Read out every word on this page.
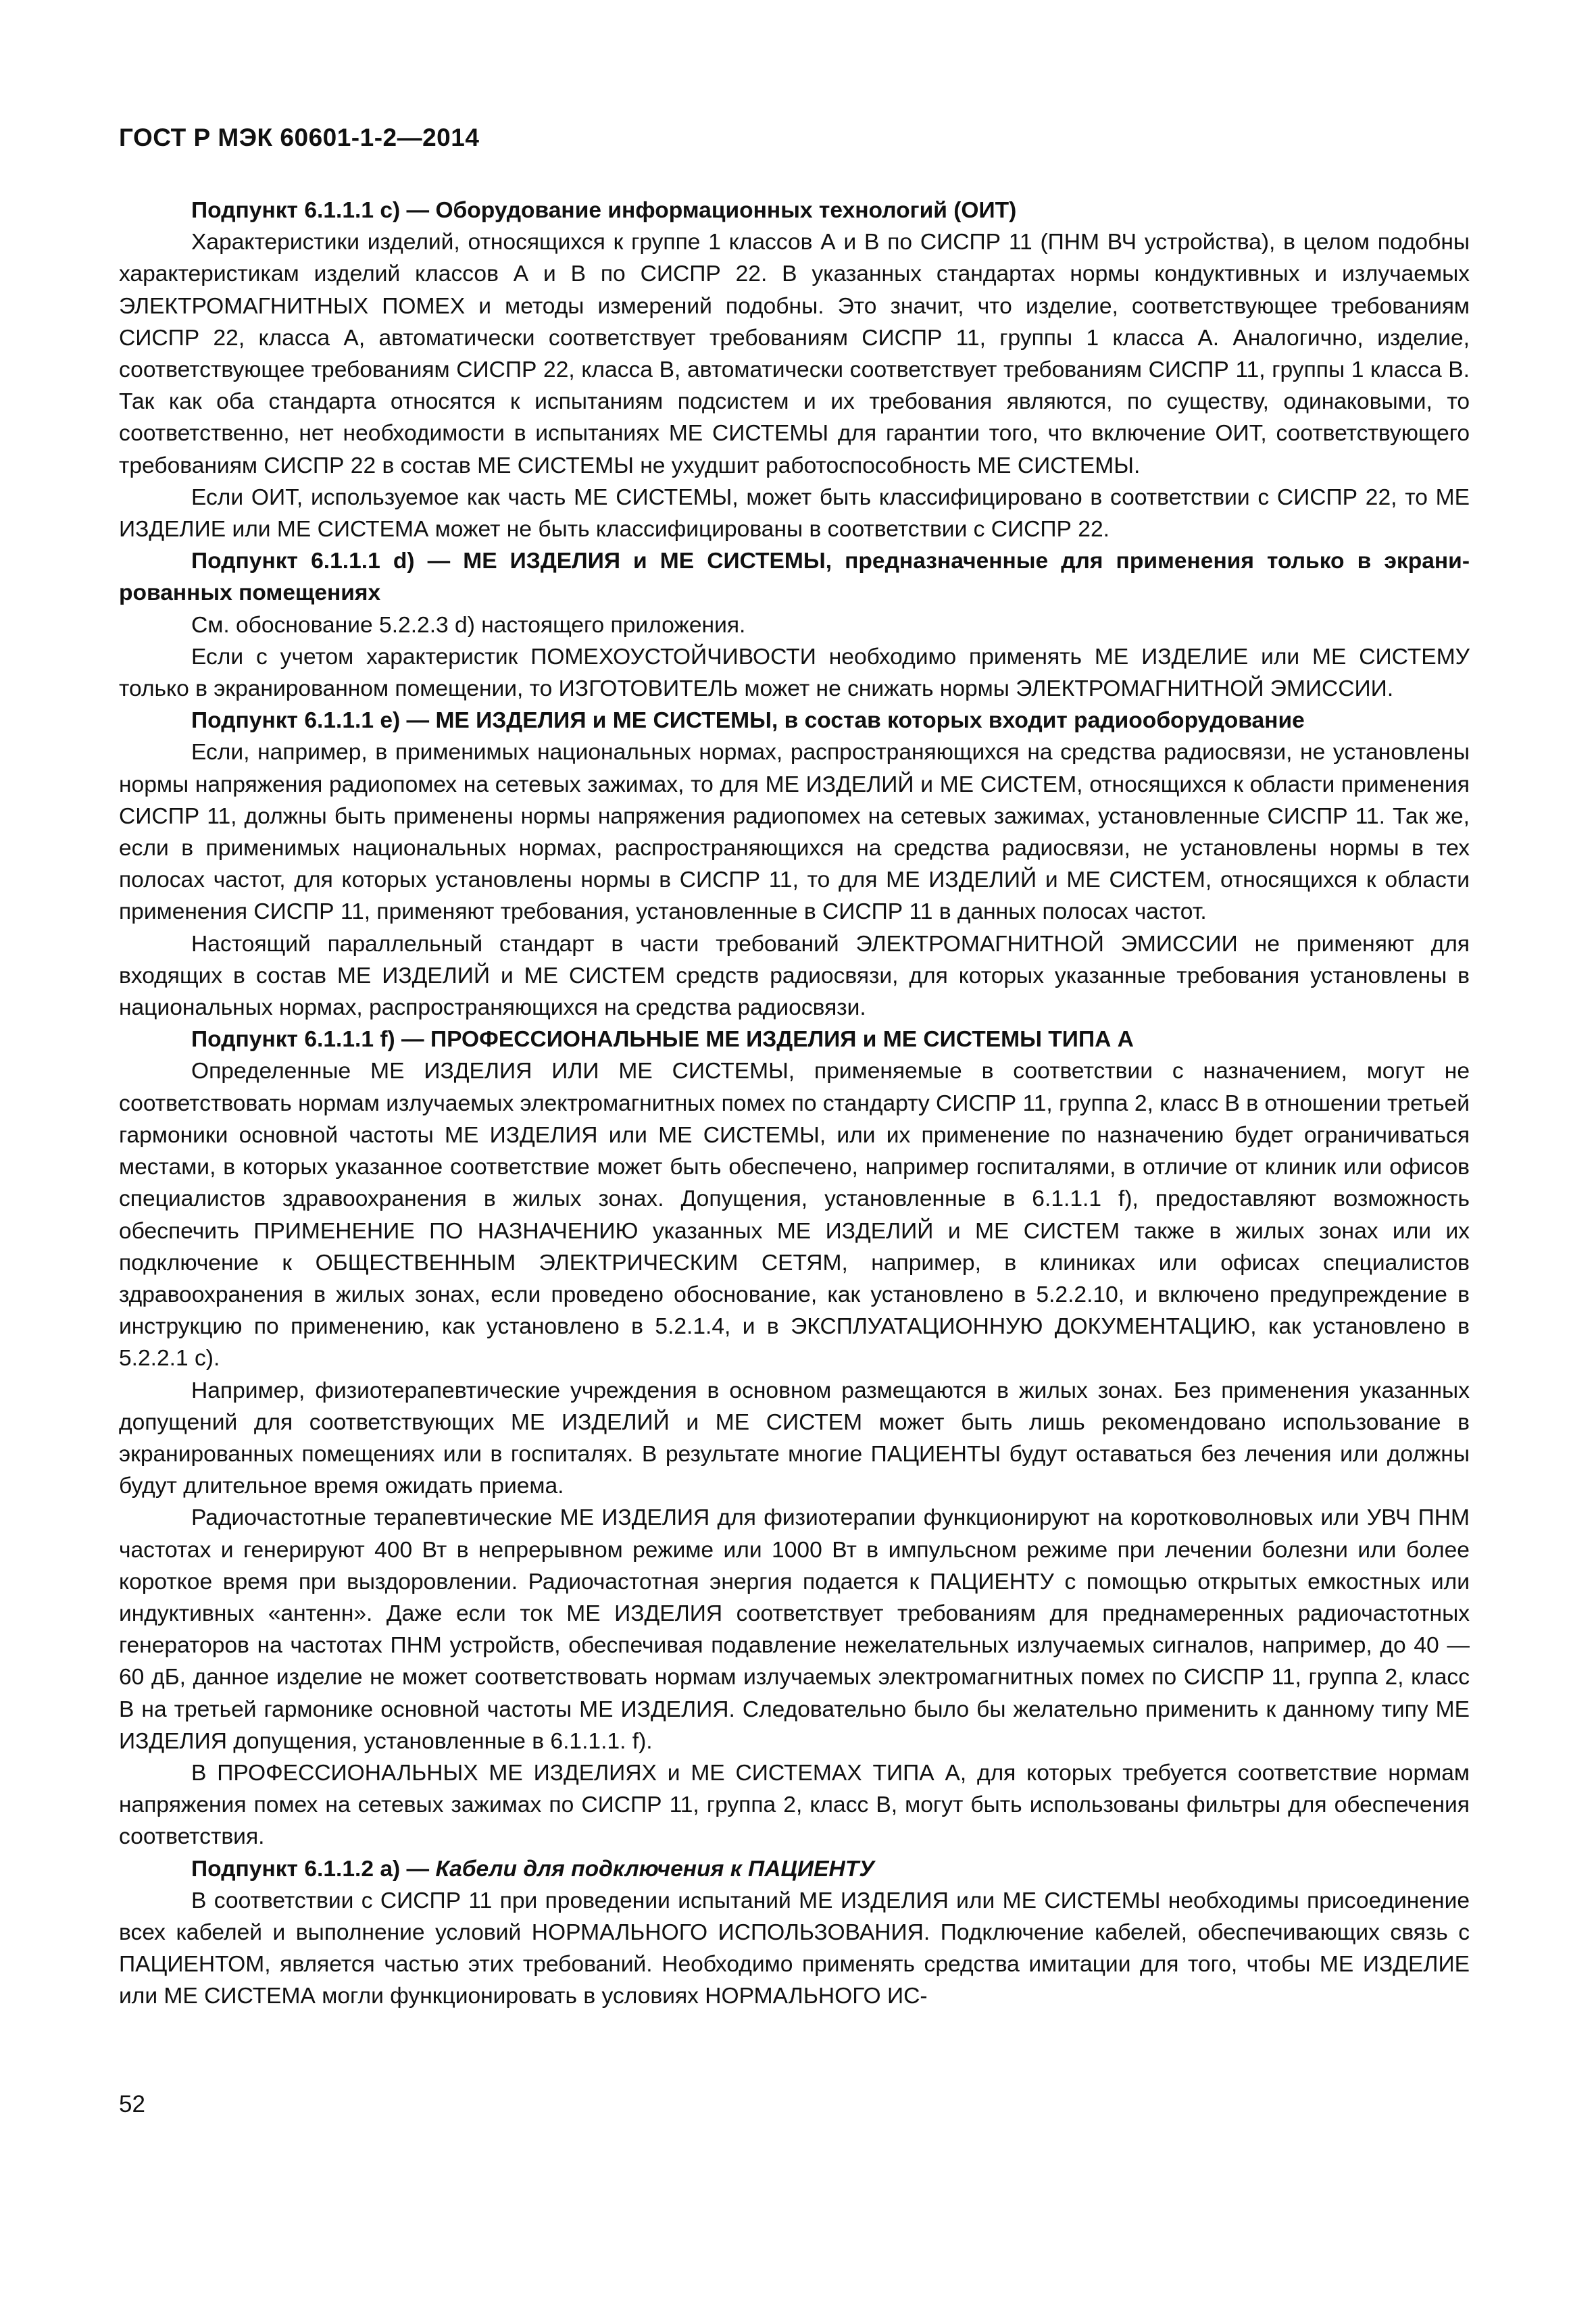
ГОСТ Р МЭК 60601-1-2—2014

Подпункт 6.1.1.1 с) — Оборудование информационных технологий (ОИТ)

Характеристики изделий, относящихся к группе 1 классов А и В по СИСПР 11 (ПНМ ВЧ устройства), в целом подобны характеристикам изделий классов А и В по СИСПР 22. В указанных стандартах нормы кондуктивных и излучаемых ЭЛЕКТРОМАГНИТНЫХ ПОМЕХ и методы измерений подобны. Это значит, что изделие, соответствующее требованиям СИСПР 22, класса А, автоматически соответствует требованиям СИСПР 11, группы 1 класса А. Аналогично, изделие, соответствующее требованиям СИСПР 22, класса В, автоматически соответствует требованиям СИСПР 11, группы 1 класса В. Так как оба стандарта относятся к испытаниям подсистем и их требования являются, по существу, одинаковыми, то соответственно, нет необходимости в испытаниях МЕ СИСТЕМЫ для гарантии того, что включение ОИТ, соответствующего требованиям СИСПР 22 в состав МЕ СИСТЕМЫ не ухудшит работоспособность МЕ СИСТЕМЫ.

Если ОИТ, используемое как часть МЕ СИСТЕМЫ, может быть классифицировано в соответствии с СИСПР 22, то МЕ ИЗДЕЛИЕ или МЕ СИСТЕМА может не быть классифицированы в соответствии с СИСПР 22.

Подпункт 6.1.1.1 d) — МЕ ИЗДЕЛИЯ и МЕ СИСТЕМЫ, предназначенные для применения только в экранированных помещениях

См. обоснование 5.2.2.3 d) настоящего приложения.

Если с учетом характеристик ПОМЕХОУСТОЙЧИВОСТИ необходимо применять МЕ ИЗДЕЛИЕ или МЕ СИСТЕМУ только в экранированном помещении, то ИЗГОТОВИТЕЛЬ может не снижать нормы ЭЛЕКТРОМАГНИТНОЙ ЭМИССИИ.

Подпункт 6.1.1.1 е) — МЕ ИЗДЕЛИЯ и МЕ СИСТЕМЫ, в состав которых входит радиооборудование

Если, например, в применимых национальных нормах, распространяющихся на средства радиосвязи, не установлены нормы напряжения радиопомех на сетевых зажимах, то для МЕ ИЗДЕЛИЙ и МЕ СИСТЕМ, относящихся к области применения СИСПР 11, должны быть применены нормы напряжения радиопомех на сетевых зажимах, установленные СИСПР 11. Так же, если в применимых национальных нормах, распространяющихся на средства радиосвязи, не установлены нормы в тех полосах частот, для которых установлены нормы в СИСПР 11, то для МЕ ИЗДЕЛИЙ и МЕ СИСТЕМ, относящихся к области применения СИСПР 11, применяют требования, установленные в СИСПР 11 в данных полосах частот.

Настоящий параллельный стандарт в части требований ЭЛЕКТРОМАГНИТНОЙ ЭМИССИИ не применяют для входящих в состав МЕ ИЗДЕЛИЙ и МЕ СИСТЕМ средств радиосвязи, для которых указанные требования установлены в национальных нормах, распространяющихся на средства радиосвязи.

Подпункт 6.1.1.1 f) — ПРОФЕССИОНАЛЬНЫЕ МЕ ИЗДЕЛИЯ и МЕ СИСТЕМЫ ТИПА А

Определенные МЕ ИЗДЕЛИЯ ИЛИ МЕ СИСТЕМЫ, применяемые в соответствии с назначением, могут не соответствовать нормам излучаемых электромагнитных помех по стандарту СИСПР 11, группа 2, класс В в отношении третьей гармоники основной частоты МЕ ИЗДЕЛИЯ или МЕ СИСТЕМЫ, или их применение по назначению будет ограничиваться местами, в которых указанное соответствие может быть обеспечено, например госпиталями, в отличие от клиник или офисов специалистов здравоохранения в жилых зонах. Допущения, установленные в 6.1.1.1 f), предоставляют возможность обеспечить ПРИМЕНЕНИЕ ПО НАЗНАЧЕНИЮ указанных МЕ ИЗДЕЛИЙ и МЕ СИСТЕМ также в жилых зонах или их подключение к ОБЩЕСТВЕННЫМ ЭЛЕКТРИЧЕСКИМ СЕТЯМ, например, в клиниках или офисах специалистов здравоохранения в жилых зонах, если проведено обоснование, как установлено в 5.2.2.10, и включено предупреждение в инструкцию по применению, как установлено в 5.2.1.4, и в ЭКСПЛУАТАЦИОННУЮ ДОКУМЕНТАЦИЮ, как установлено в 5.2.2.1 с).

Например, физиотерапевтические учреждения в основном размещаются в жилых зонах. Без применения указанных допущений для соответствующих МЕ ИЗДЕЛИЙ и МЕ СИСТЕМ может быть лишь рекомендовано использование в экранированных помещениях или в госпиталях. В результате многие ПАЦИЕНТЫ будут оставаться без лечения или должны будут длительное время ожидать приема.

Радиочастотные терапевтические МЕ ИЗДЕЛИЯ для физиотерапии функционируют на коротковолновых или УВЧ ПНМ частотах и генерируют 400 Вт в непрерывном режиме или 1000 Вт в импульсном режиме при лечении болезни или более короткое время при выздоровлении. Радиочастотная энергия подается к ПАЦИЕНТУ с помощью открытых емкостных или индуктивных «антенн». Даже если ток МЕ ИЗДЕЛИЯ соответствует требованиям для преднамеренных радиочастотных генераторов на частотах ПНМ устройств, обеспечивая подавление нежелательных излучаемых сигналов, например, до 40 — 60 дБ, данное изделие не может соответствовать нормам излучаемых электромагнитных помех по СИСПР 11, группа 2, класс В на третьей гармонике основной частоты МЕ ИЗДЕЛИЯ. Следовательно было бы желательно применить к данному типу МЕ ИЗДЕЛИЯ допущения, установленные в 6.1.1.1. f).

В ПРОФЕССИОНАЛЬНЫХ МЕ ИЗДЕЛИЯХ и МЕ СИСТЕМАХ ТИПА А, для которых требуется соответствие нормам напряжения помех на сетевых зажимах по СИСПР 11, группа 2, класс В, могут быть использованы фильтры для обеспечения соответствия.

Подпункт 6.1.1.2 а) — Кабели для подключения к ПАЦИЕНТУ

В соответствии с СИСПР 11 при проведении испытаний МЕ ИЗДЕЛИЯ или МЕ СИСТЕМЫ необходимы присоединение всех кабелей и выполнение условий НОРМАЛЬНОГО ИСПОЛЬЗОВАНИЯ. Подключение кабелей, обеспечивающих связь с ПАЦИЕНТОМ, является частью этих требований. Необходимо применять средства имитации для того, чтобы МЕ ИЗДЕЛИЕ или МЕ СИСТЕМА могли функционировать в условиях НОРМАЛЬНОГО ИС-

52
